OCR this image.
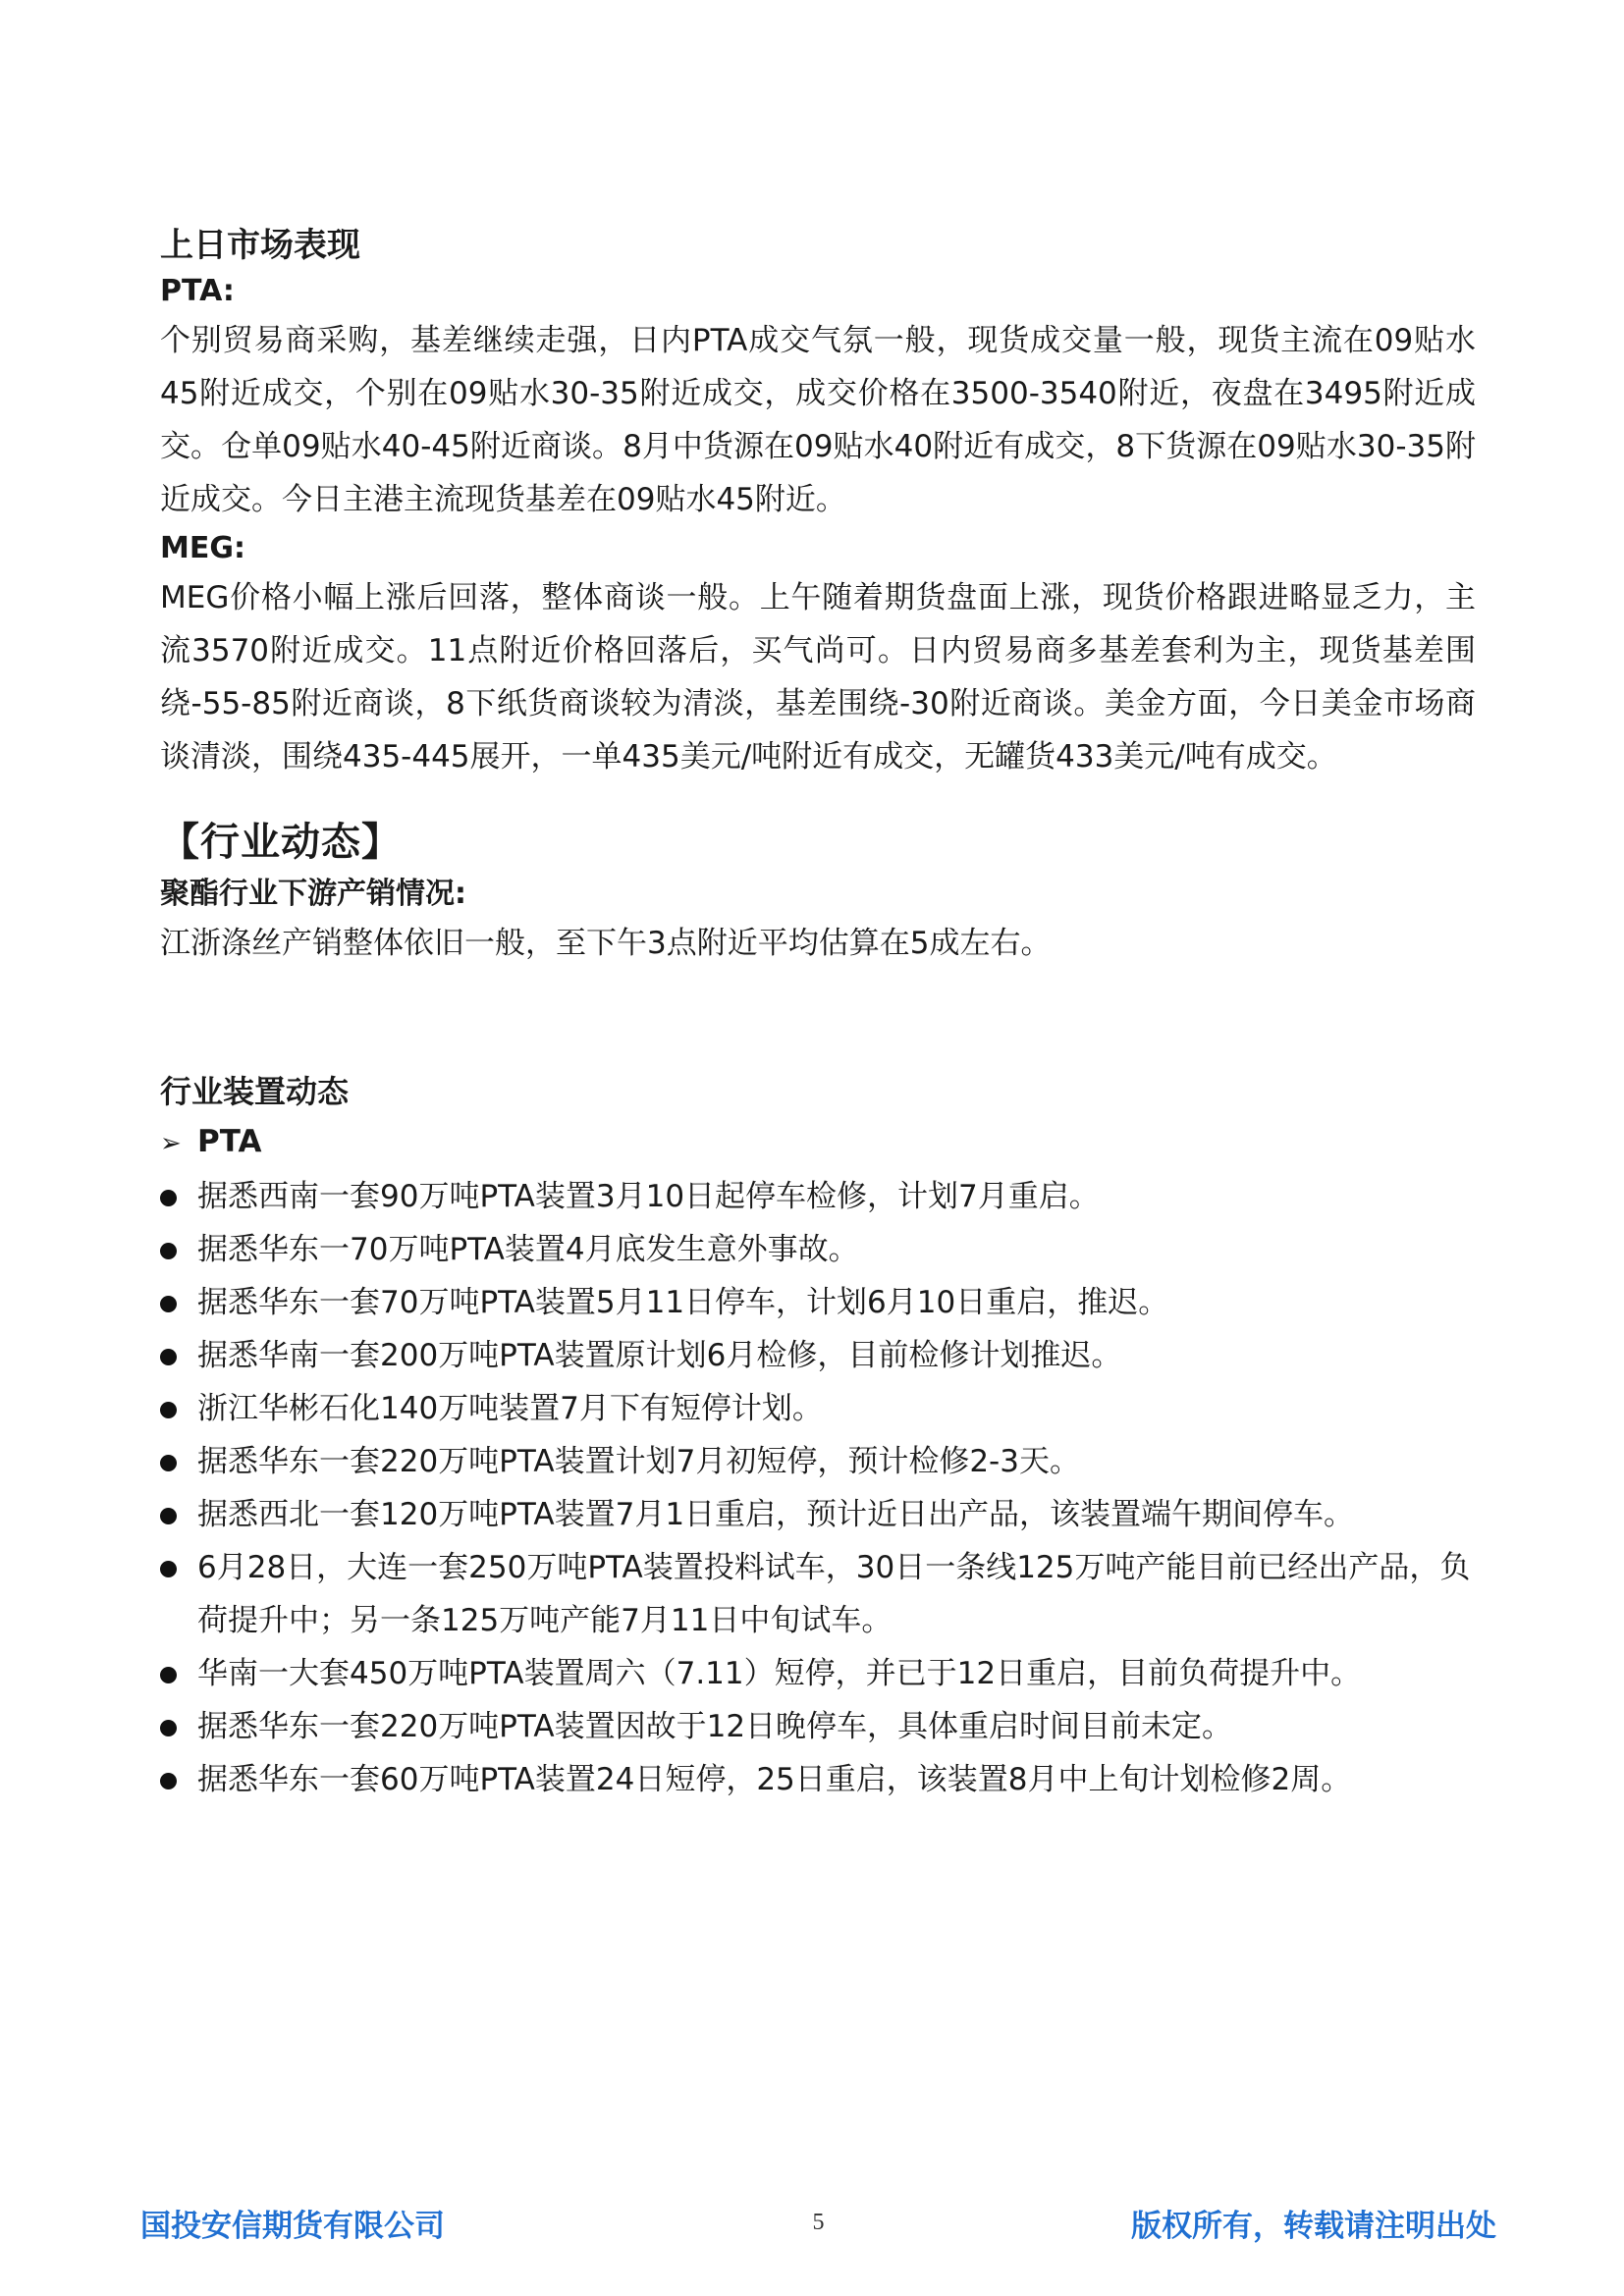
上日市场表现
PTA:

个别贸易商采购，基差继续走强，日内PTA成交气氛一般，现货成交量一般，现货主流在09贴水45附近成交，个别在09贴水30-35附近成交，成交价格在3500-3540附近，夜盘在3495附近成交。仓单09贴水40-45附近商谈。8月中货源在09贴水40附近有成交，8下货源在09贴水30-35附近成交。今日主港主流现货基差在09贴水45附近。

MEG:

MEG价格小幅上涨后回落，整体商谈一般。上午随着期货盘面上涨，现货价格跟进略显乏力，主流3570附近成交。11点附近价格回落后，买气尚可。日内贸易商多基差套利为主，现货基差围绕-55-85附近商谈，8下纸货商谈较为清淡，基差围绕-30附近商谈。美金方面，今日美金市场商谈清淡，围绕435-445展开，一单435美元/吨附近有成交，无罐货433美元/吨有成交。

【行业动态】
聚酯行业下游产销情况:

江浙涤丝产销整体依旧一般，至下午3点附近平均估算在5成左右。

行业装置动态
➢ PTA
据悉西南一套90万吨PTA装置3月10日起停车检修，计划7月重启。
据悉华东一70万吨PTA装置4月底发生意外事故。
据悉华东一套70万吨PTA装置5月11日停车，计划6月10日重启，推迟。
据悉华南一套200万吨PTA装置原计划6月检修，目前检修计划推迟。
浙江华彬石化140万吨装置7月下有短停计划。
据悉华东一套220万吨PTA装置计划7月初短停，预计检修2-3天。
据悉西北一套120万吨PTA装置7月1日重启，预计近日出产品，该装置端午期间停车。
6月28日，大连一套250万吨PTA装置投料试车，30日一条线125万吨产能目前已经出产品，负荷提升中；另一条125万吨产能7月11日中旬试车。
华南一大套450万吨PTA装置周六（7.11）短停，并已于12日重启，目前负荷提升中。
据悉华东一套220万吨PTA装置因故于12日晚停车，具体重启时间目前未定。
据悉华东一套60万吨PTA装置24日短停，25日重启，该装置8月中上旬计划检修2周。
国投安信期货有限公司	5	版权所有，转载请注明出处
